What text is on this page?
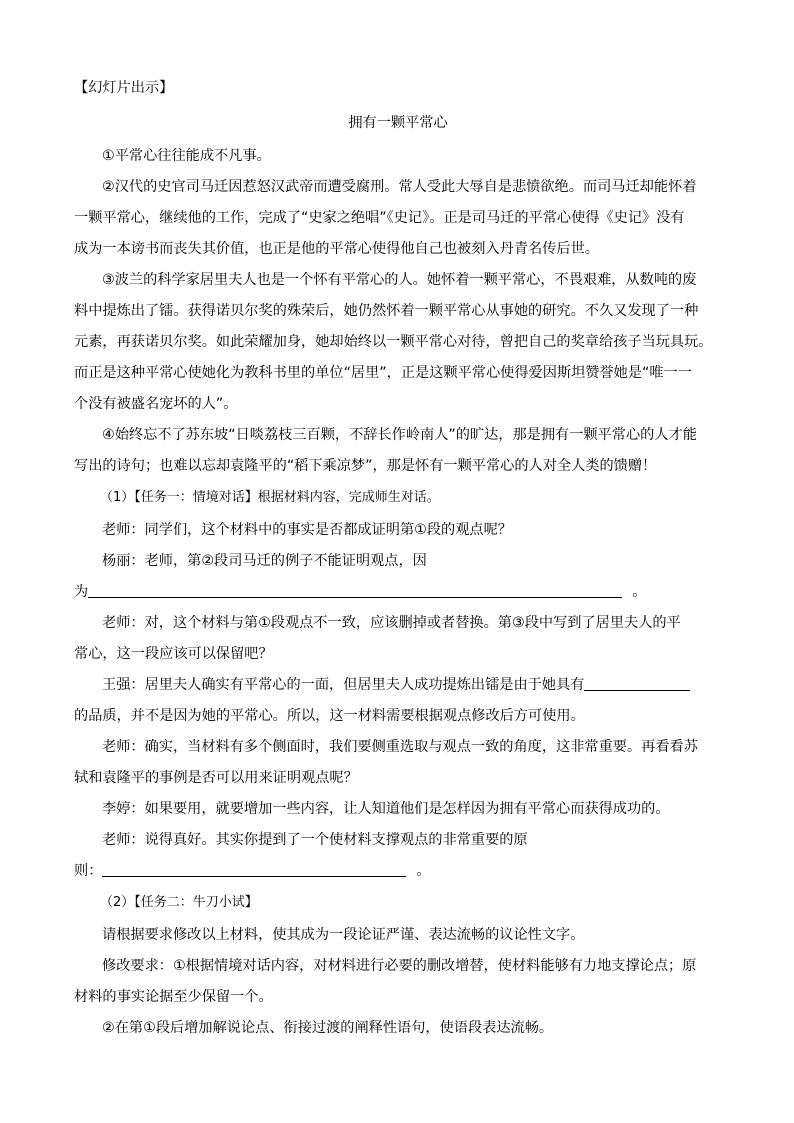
【幻灯片出示】
拥有一颗平常心
①平常心往往能成不凡事。
②汉代的史官司马迁因惹怒汉武帝而遭受腐刑。常人受此大辱自是悲愤欲绝。而司马迁却能怀着
一颗平常心，继续他的工作，完成了“史家之绝唱”《史记》。正是司马迁的平常心使得《史记》没有
成为一本谤书而丧失其价值，也正是他的平常心使得他自己也被刻入丹青名传后世。
③波兰的科学家居里夫人也是一个怀有平常心的人。她怀着一颗平常心，不畏艰难，从数吨的废
料中提炼出了镭。获得诺贝尔奖的殊荣后，她仍然怀着一颗平常心从事她的研究。不久又发现了一种
元素，再获诺贝尔奖。如此荣耀加身，她却始终以一颗平常心对待，曾把自己的奖章给孩子当玩具玩。
而正是这种平常心使她化为教科书里的单位“居里”，正是这颗平常心使得爱因斯坦赞誉她是“唯一一
个没有被盛名宠坏的人”。
④始终忘不了苏东坡“日啖荔枝三百颗，不辞长作岭南人”的旷达，那是拥有一颗平常心的人才能
写出的诗句；也难以忘却袁隆平的“稻下乘凉梦”，那是怀有一颗平常心的人对全人类的馈赠！
（1）【任务一：情境对话】根据材料内容，完成师生对话。
老师：同学们，这个材料中的事实是否都成证明第①段的观点呢？
杨丽：老师，第②段司马迁的例子不能证明观点，因
为	。
老师：对，这个材料与第①段观点不一致，应该删掉或者替换。第③段中写到了居里夫人的平
常心，这一段应该可以保留吧？
王强：居里夫人确实有平常心的一面，但居里夫人成功提炼出镭是由于她具有
的品质，并不是因为她的平常心。所以，这一材料需要根据观点修改后方可使用。
老师：确实，当材料有多个侧面时，我们要侧重选取与观点一致的角度，这非常重要。再看看苏
轼和袁隆平的事例是否可以用来证明观点呢？
李婷：如果要用，就要增加一些内容，让人知道他们是怎样因为拥有平常心而获得成功的。
老师：说得真好。其实你提到了一个使材料支撑观点的非常重要的原
则：	。
（2）【任务二：牛刀小试】
请根据要求修改以上材料，使其成为一段论证严谨、表达流畅的议论性文字。
修改要求：①根据情境对话内容，对材料进行必要的删改增替，使材料能够有力地支撑论点；原
材料的事实论据至少保留一个。
②在第①段后增加解说论点、衔接过渡的阐释性语句，使语段表达流畅。
